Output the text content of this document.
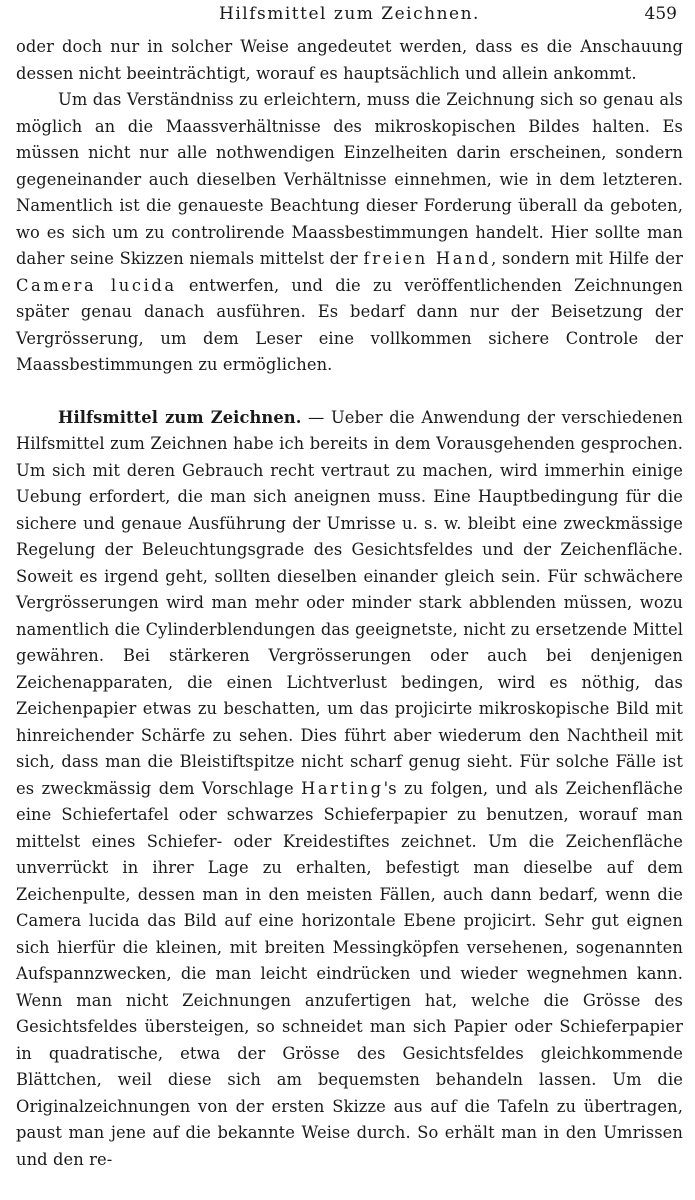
Hilfsmittel zum Zeichnen.	459

oder doch nur in solcher Weise angedeutet werden, dass es die Anschauung dessen nicht beeinträchtigt, worauf es hauptsächlich und allein ankommt.

Um das Verständniss zu erleichtern, muss die Zeichnung sich so genau als möglich an die Maassverhältnisse des mikroskopischen Bildes halten. Es müssen nicht nur alle nothwendigen Einzelheiten darin erscheinen, sondern gegeneinander auch dieselben Verhältnisse einnehmen, wie in dem letzteren. Namentlich ist die genaueste Beachtung dieser Forderung überall da geboten, wo es sich um zu controlirende Maassbestimmungen handelt. Hier sollte man daher seine Skizzen niemals mittelst der freien Hand, sondern mit Hilfe der Camera lucida entwerfen, und die zu veröffentlichenden Zeichnungen später genau danach ausführen. Es bedarf dann nur der Beisetzung der Vergrösserung, um dem Leser eine vollkommen sichere Controle der Maassbestimmungen zu ermöglichen.

Hilfsmittel zum Zeichnen. — Ueber die Anwendung der verschiedenen Hilfsmittel zum Zeichnen habe ich bereits in dem Vorausgehenden gesprochen. Um sich mit deren Gebrauch recht vertraut zu machen, wird immerhin einige Uebung erfordert, die man sich aneignen muss. Eine Hauptbedingung für die sichere und genaue Ausführung der Umrisse u. s. w. bleibt eine zweckmässige Regelung der Beleuchtungsgrade des Gesichtsfeldes und der Zeichenfläche. Soweit es irgend geht, sollten dieselben einander gleich sein. Für schwächere Vergrösserungen wird man mehr oder minder stark abblenden müssen, wozu namentlich die Cylinderblendungen das geeignetste, nicht zu ersetzende Mittel gewähren. Bei stärkeren Vergrösserungen oder auch bei denjenigen Zeichenapparaten, die einen Lichtverlust bedingen, wird es nöthig, das Zeichenpapier etwas zu beschatten, um das projicirte mikroskopische Bild mit hinreichender Schärfe zu sehen. Dies führt aber wiederum den Nachtheil mit sich, dass man die Bleistiftspitze nicht scharf genug sieht. Für solche Fälle ist es zweckmässig dem Vorschlage Harting's zu folgen, und als Zeichenfläche eine Schiefertafel oder schwarzes Schieferpapier zu benutzen, worauf man mittelst eines Schiefer- oder Kreidestiftes zeichnet. Um die Zeichenfläche unverrückt in ihrer Lage zu erhalten, befestigt man dieselbe auf dem Zeichenpulte, dessen man in den meisten Fällen, auch dann bedarf, wenn die Camera lucida das Bild auf eine horizontale Ebene projicirt. Sehr gut eignen sich hierfür die kleinen, mit breiten Messingköpfen versehenen, sogenannten Aufspannzwecken, die man leicht eindrücken und wieder wegnehmen kann. Wenn man nicht Zeichnungen anzufertigen hat, welche die Grösse des Gesichtsfeldes übersteigen, so schneidet man sich Papier oder Schieferpapier in quadratische, etwa der Grösse des Gesichtsfeldes gleichkommende Blättchen, weil diese sich am bequemsten behandeln lassen. Um die Originalzeichnungen von der ersten Skizze aus auf die Tafeln zu übertragen, paust man jene auf die bekannte Weise durch. So erhält man in den Umrissen und den re-
